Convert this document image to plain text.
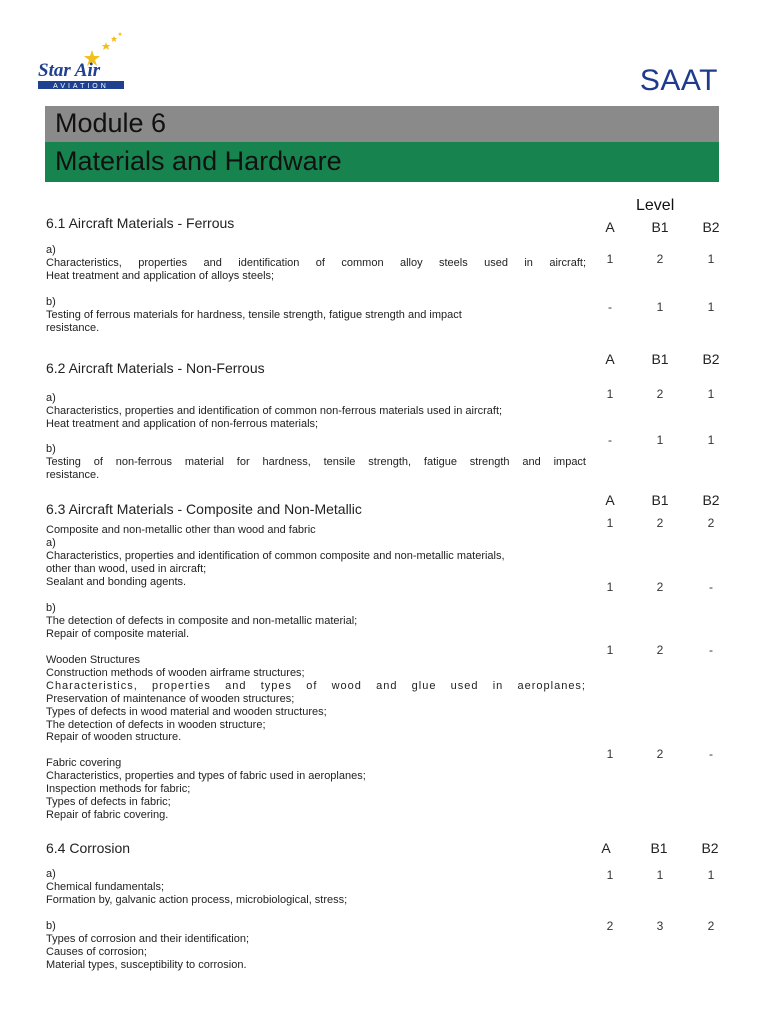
Star Air
AVIATION	SAAT
Module 6
Materials and Hardware
Level
6.1 Aircraft Materials - Ferrous	A	B1	B2
a)
Characteristics, properties and identification of common alloy steels used in aircraft;
Heat treatment and application of alloys steels;
1	2	1
b)
Testing of ferrous materials for hardness, tensile strength, fatigue strength and impact
resistance.
-	1	1
6.2 Aircraft Materials - Non-Ferrous
A	B1	B2
a)
Characteristics, properties and identification of common non-ferrous materials used in aircraft;
Heat treatment and application of non-ferrous materials;
1	2	1
b)
Testing of non-ferrous material for hardness, tensile strength, fatigue strength and impact
resistance.
-	1	1
6.3 Aircraft Materials - Composite and Non-Metallic
A	B1	B2
Composite and non-metallic other than wood and fabric
a)
Characteristics, properties and identification of common composite and non-metallic materials,
other than wood, used in aircraft;
Sealant and bonding agents.
1	2	2
b)
The detection of defects in composite and non-metallic material;
Repair of composite material.
1	2	-
Wooden Structures
Construction methods of wooden airframe structures;
Characteristics, properties and types of wood and glue used in aeroplanes;
Preservation of maintenance of wooden structures;
Types of defects in wood material and wooden structures;
The detection of defects in wooden structure;
Repair of wooden structure.
1	2	-
Fabric covering
Characteristics, properties and types of fabric used in aeroplanes;
Inspection methods for fabric;
Types of defects in fabric;
Repair of fabric covering.
1	2	-
6.4 Corrosion	A	B1	B2
a)
Chemical fundamentals;
Formation by, galvanic action process, microbiological, stress;
1	1	1
b)
Types of corrosion and their identification;
Causes of corrosion;
Material types, susceptibility to corrosion.
2	3	2
